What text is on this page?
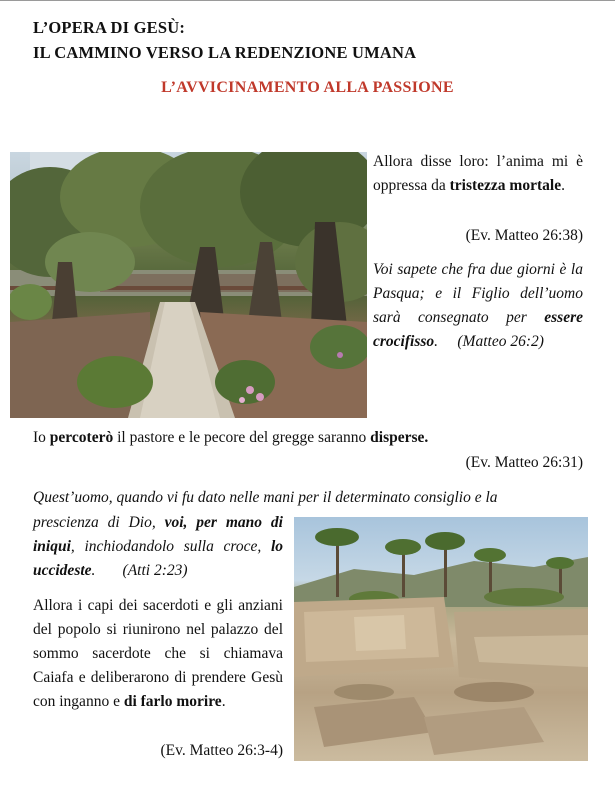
L’OPERA DI GESÙ:
IL CAMMINO VERSO LA REDENZIONE UMANA
L’AVVICINAMENTO ALLA PASSIONE
Allora disse loro: l’anima mi è oppressa da tristezza mortale.
(Ev. Matteo 26:38)
Voi sapete che fra due giorni è la Pasqua; e il Figlio dell’uomo sarà consegnato per essere crocifisso. (Matteo 26:2)
Io percoterò il pastore e le pecore del gregge saranno disperse.
(Ev. Matteo 26:31)
Quest’uomo, quando vi fu dato nelle mani per il determinato consiglio e la
prescienza di Dio, voi, per mano di iniqui, inchiodandolo sulla croce, lo uccideste. (Atti 2:23)
Allora i capi dei sacerdoti e gli anziani del popolo si riunirono nel palazzo del sommo sacerdote che si chiamava Caiafa e deliberarono di prendere Gesù con inganno e di farlo morire.
(Ev. Matteo 26:3-4)
